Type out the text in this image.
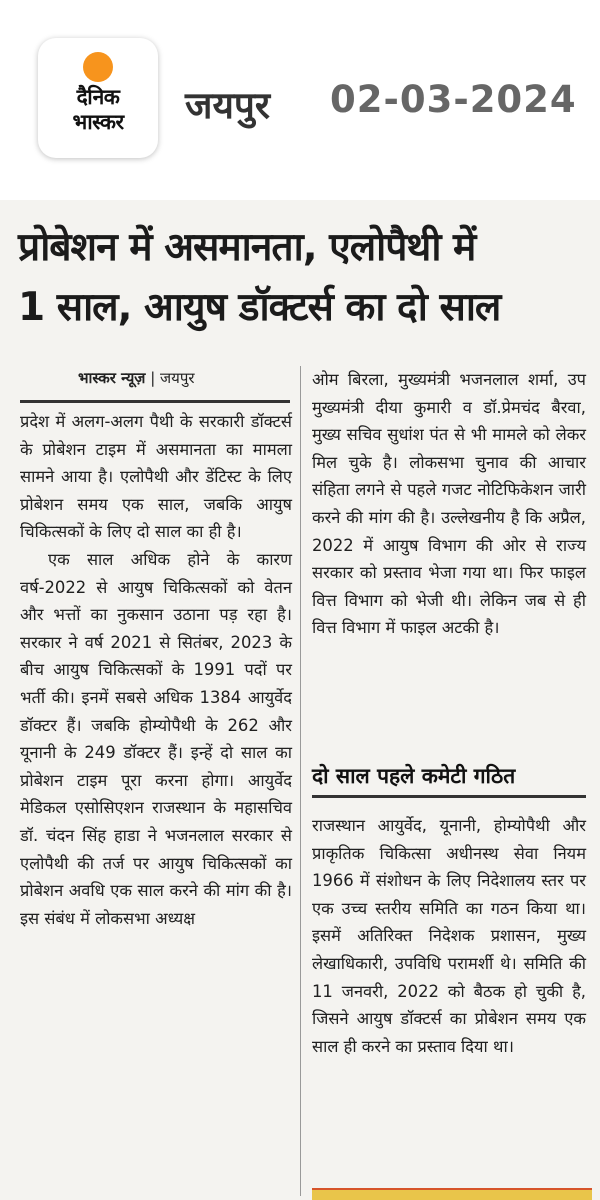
दैनिक
भास्कर	जयपुर 02-03-2024
प्रोबेशन में असमानता, एलोपैथी में
1 साल, आयुष डॉक्टर्स का दो साल
भास्कर न्यूज़ | जयपुर

प्रदेश में अलग-अलग पैथी के सरकारी डॉक्टर्स के प्रोबेशन टाइम में असमानता का मामला सामने आया है। एलोपैथी और डेंटिस्ट के लिए प्रोबेशन समय एक साल, जबकि आयुष चिकित्सकों के लिए दो साल का ही है।

एक साल अधिक होने के कारण वर्ष-2022 से आयुष चिकित्सकों को वेतन और भत्तों का नुकसान उठाना पड़ रहा है। सरकार ने वर्ष 2021 से सितंबर, 2023 के बीच आयुष चिकित्सकों के 1991 पदों पर भर्ती की। इनमें सबसे अधिक 1384 आयुर्वेद डॉक्टर हैं। जबकि होम्योपैथी के 262 और यूनानी के 249 डॉक्टर हैं। इन्हें दो साल का प्रोबेशन टाइम पूरा करना होगा। आयुर्वेद मेडिकल एसोसिएशन राजस्थान के महासचिव डॉ. चंदन सिंह हाडा ने भजनलाल सरकार से एलोपैथी की तर्ज पर आयुष चिकित्सकों का प्रोबेशन अवधि एक साल करने की मांग की है। इस संबंध में लोकसभा अध्यक्ष

ओम बिरला, मुख्यमंत्री भजनलाल शर्मा, उप मुख्यमंत्री दीया कुमारी व डॉ.प्रेमचंद बैरवा, मुख्य सचिव सुधांश पंत से भी मामले को लेकर मिल चुके है। लोकसभा चुनाव की आचार संहिता लगने से पहले गजट नोटिफिकेशन जारी करने की मांग की है। उल्लेखनीय है कि अप्रैल, 2022 में आयुष विभाग की ओर से राज्य सरकार को प्रस्ताव भेजा गया था। फिर फाइल वित्त विभाग को भेजी थी। लेकिन जब से ही वित्त विभाग में फाइल अटकी है।

दो साल पहले कमेटी गठित

राजस्थान आयुर्वेद, यूनानी, होम्योपैथी और प्राकृतिक चिकित्सा अधीनस्थ सेवा नियम 1966 में संशोधन के लिए निदेशालय स्तर पर एक उच्च स्तरीय समिति का गठन किया था। इसमें अतिरिक्त निदेशक प्रशासन, मुख्य लेखाधिकारी, उपविधि परामर्शी थे। समिति की 11 जनवरी, 2022 को बैठक हो चुकी है, जिसने आयुष डॉक्टर्स का प्रोबेशन समय एक साल ही करने का प्रस्ताव दिया था।
